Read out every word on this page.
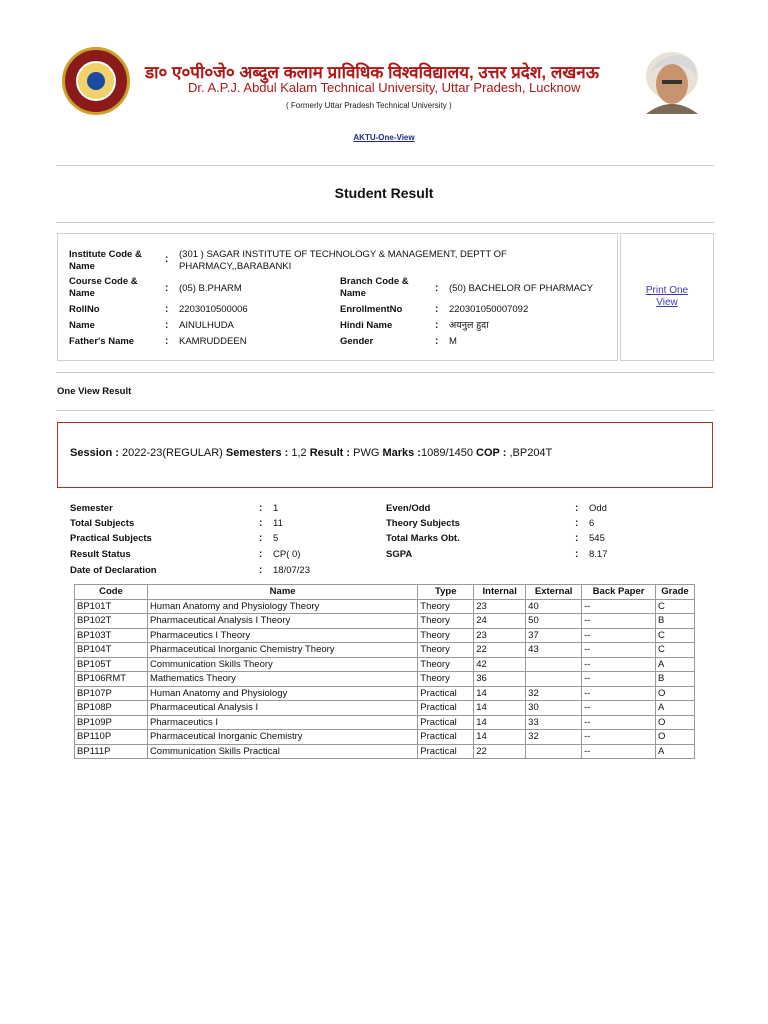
डा० ए०पी०जे० अब्दुल कलाम प्राविधिक विश्वविद्यालय, उत्तर प्रदेश, लखनऊ
Dr. A.P.J. Abdul Kalam Technical University, Uttar Pradesh, Lucknow
( Formerly Uttar Pradesh Technical University )
AKTU-One-View
Student Result
Institute Code & Name
: (301 ) SAGAR INSTITUTE OF TECHNOLOGY & MANAGEMENT, DEPTT OF PHARMACY,,BARABANKI
Course Code & Name	: (05) B.PHARM
Branch Code & Name	: (50) BACHELOR OF PHARMACY
RollNo	: 2203010500006	EnrollmentNo	: 220301050007092
Name	: AINULHUDA	Hindi Name	: अयनुल हुदा
Father's Name	: KAMRUDDEEN	Gender	: M
Print One View
One View Result
Session : 2022-23(REGULAR) Semesters : 1,2 Result : PWG Marks :1089/1450 COP : ,BP204T
Semester	: 1	Even/Odd	: Odd
Total Subjects	: 11	Theory Subjects	: 6
Practical Subjects	: 5	Total Marks Obt.	: 545
Result Status	: CP( 0)	SGPA	: 8.17
Date of Declaration	: 18/07/23
Code	Name	Type	Internal	External	Back Paper	Grade
BP101T	Human Anatomy and Physiology Theory	Theory	23	40	--	C
BP102T	Pharmaceutical Analysis I Theory	Theory	24	50	--	B
BP103T	Pharmaceutics I Theory	Theory	23	37	--	C
BP104T	Pharmaceutical Inorganic Chemistry Theory	Theory	22	43	--	C
BP105T	Communication Skills Theory	Theory	42		--	A
BP106RMT	Mathematics Theory	Theory	36		--	B
BP107P	Human Anatomy and Physiology	Practical	14	32	--	O
BP108P	Pharmaceutical Analysis I	Practical	14	30	--	A
BP109P	Pharmaceutics I	Practical	14	33	--	O
BP110P	Pharmaceutical Inorganic Chemistry	Practical	14	32	--	O
BP111P	Communication Skills Practical	Practical	22		--	A
